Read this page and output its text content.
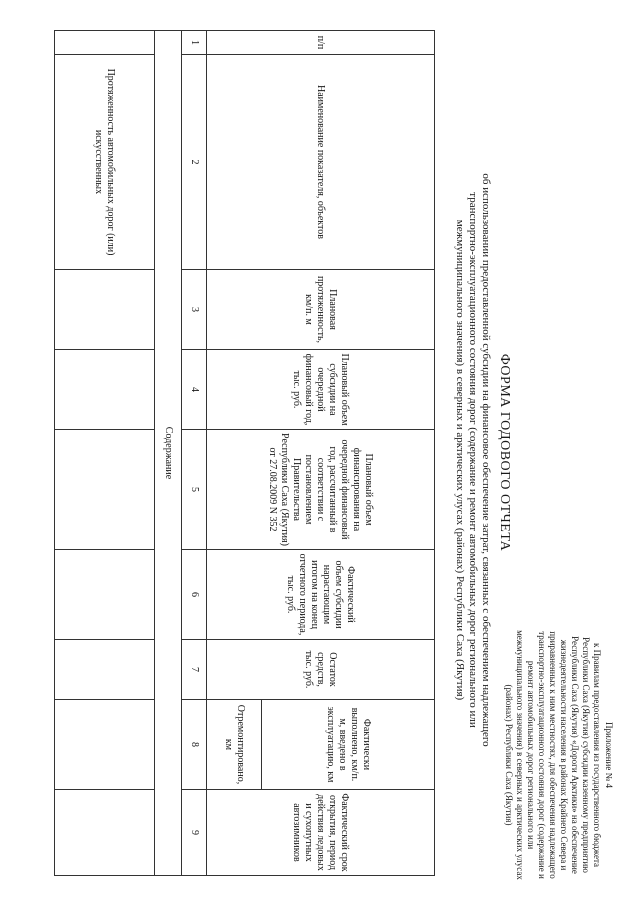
Приложение № 4
к Правилам предоставления из государственного бюджета Республики Саха (Якутия) субсидии казенному предприятию Республики Саха (Якутия) «Дороги Арктики» на обеспечение жизнедеятельности населения в районах Крайнего Севера и приравненных к ним местностях, для обеспечения надлежащего транспортно-эксплуатационного состояния дорог (содержание и ремонт автомобильных дорог регионального или межмуниципального значения) в северных и арктических улусах (районах) Республики Саха (Якутия)
ФОРМА ГОДОВОГО ОТЧЕТА
об использовании предоставленной субсидии на финансовое обеспечение затрат, связанных с обеспечением надлежащего транспортно-эксплуатационного состояния дорог (содержание и ремонт автомобильных дорог регионального или межмуниципального значения) в северных и арктических улусах (районах) Республики Саха (Якутия)
п/п	Наименование показателя, объектов	Плановая протяженность, км/п. м	Плановый объем субсидии на очередной финансовый год, тыс. руб.	Плановый объем финансирования на очередной финансовый год, рассчитанный в соответствии с постановлением Правительства Республики Саха (Якутия) от 27.08.2009 N 352	Фактический объем субсидии нарастающим итогом на конец отчетного периода, тыс. руб.	Остаток средств, тыс. руб.	Фактически выполнено, км/п. м, введено в эксплуатацию, км	Фактический срок открытия, период действия ледовых и сухопутных автозимников
							Отремонтировано, км	
1	2	3	4	5	6	7	8	9
Содержание								
	Протяженность автомобильных дорог (или) искусственных							
